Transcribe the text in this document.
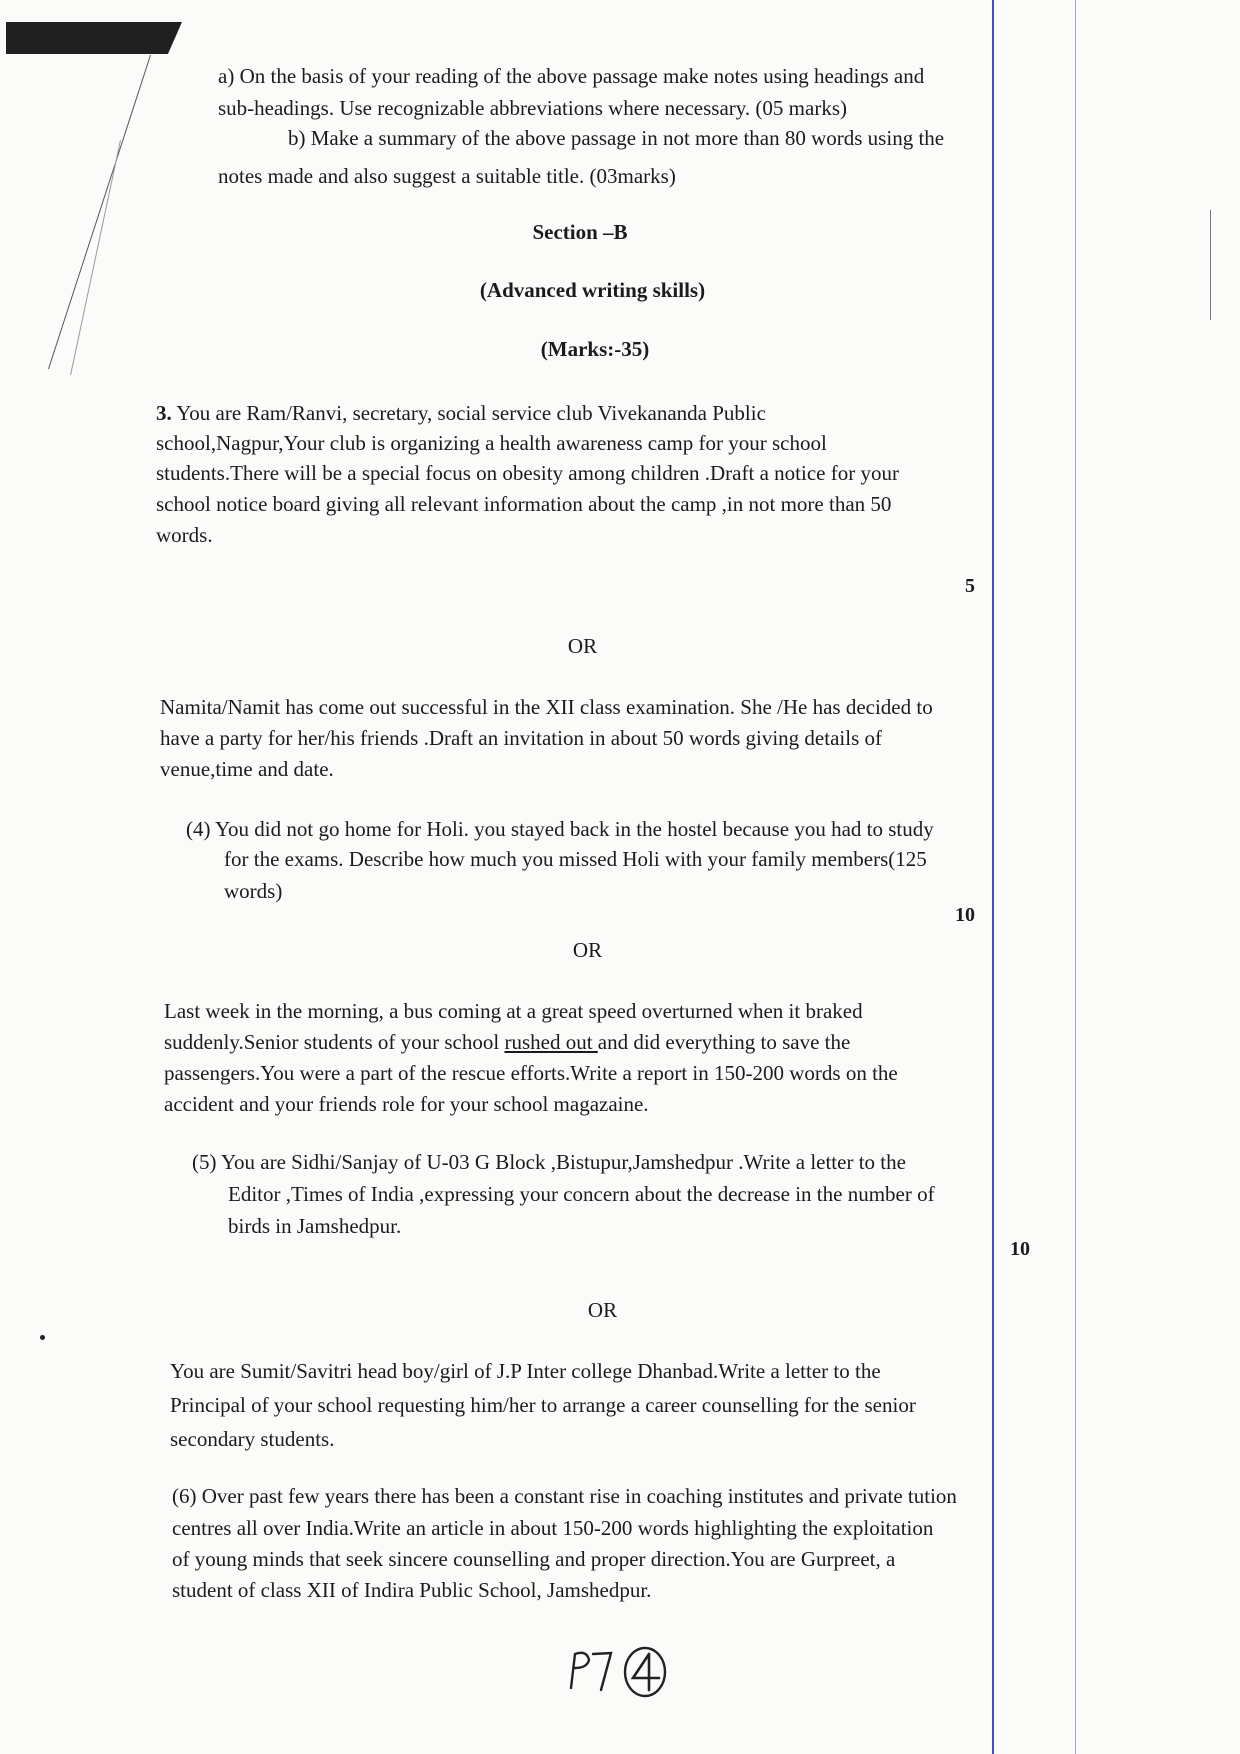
a) On the basis of your reading of the above passage make notes using headings and
sub-headings. Use recognizable abbreviations where necessary. (05 marks)
b) Make a summary of the above passage in not more than 80 words using the
notes made and also suggest a suitable title. (03marks)
Section –B
(Advanced writing skills)
(Marks:-35)
3. You are Ram/Ranvi, secretary, social service club Vivekananda Public
school,Nagpur,Your club is organizing a health awareness camp for your school
students.There will be a special focus on obesity among children .Draft a notice for your
school notice board giving all relevant information about the camp ,in not more than 50
words.
5
OR
Namita/Namit has come out successful in the XII class examination. She /He has decided to
have a party for her/his friends .Draft an invitation in about 50 words giving details of
venue,time and date.
(4) You did not go home for Holi. you stayed back in the hostel because you had to study
for the exams. Describe how much you missed Holi with your family members(125
words)
10
OR
Last week in the morning, a bus coming at a great speed overturned when it braked
suddenly.Senior students of your school rushed out and did everything to save the
passengers.You were a part of the rescue efforts.Write a report in 150-200 words on the
accident and your friends role for your school magazaine.
(5) You are Sidhi/Sanjay of U-03 G Block ,Bistupur,Jamshedpur .Write a letter to the
Editor ,Times of India ,expressing your concern about the decrease in the number of
birds in Jamshedpur.
10
OR
You are Sumit/Savitri head boy/girl of J.P Inter college Dhanbad.Write a letter to the
Principal of your school requesting him/her to arrange a career counselling for the senior
secondary students.
(6) Over past few years there has been a constant rise in coaching institutes and private tution
centres all over India.Write an article in about 150-200 words highlighting the exploitation
of young minds that seek sincere counselling and proper direction.You are Gurpreet, a
student of class XII of Indira Public School, Jamshedpur.
